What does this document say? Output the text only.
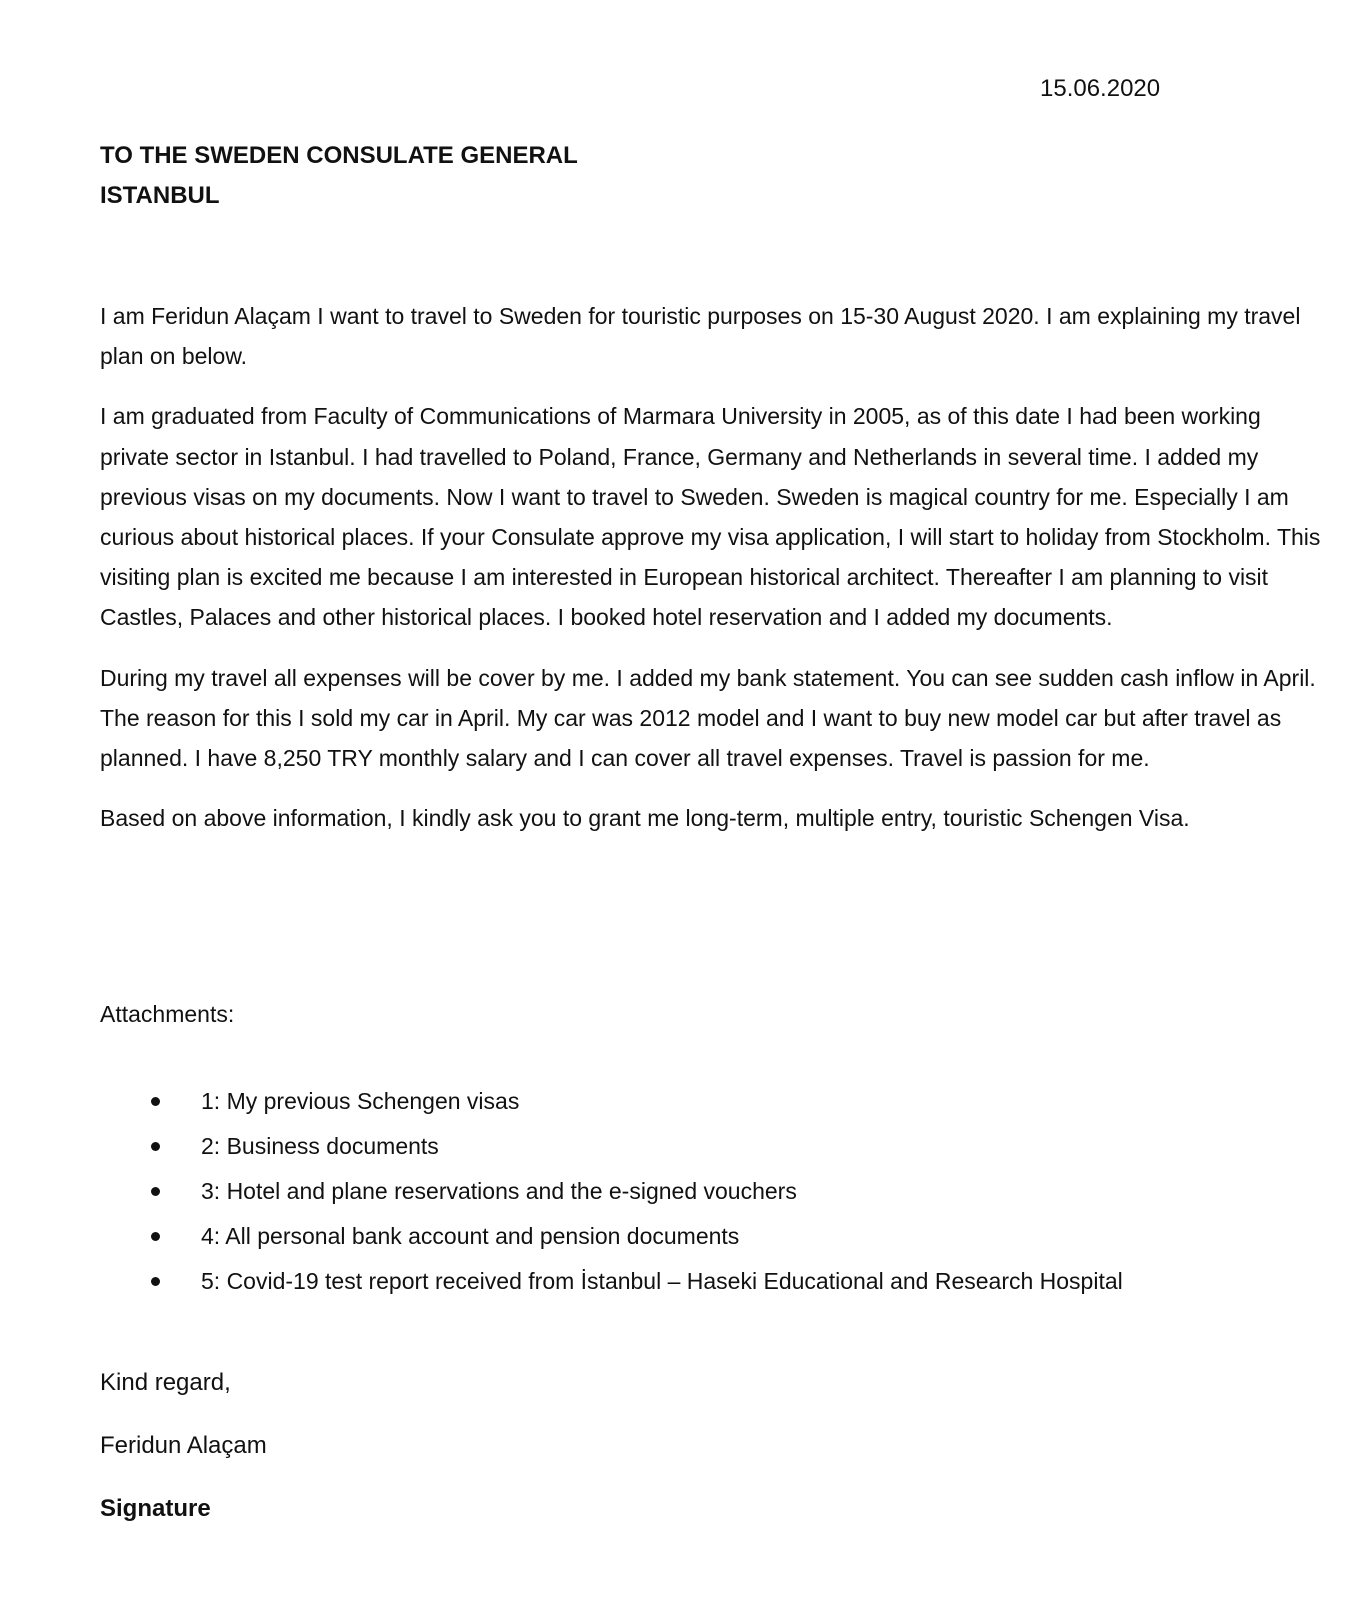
15.06.2020
TO THE SWEDEN CONSULATE GENERAL
ISTANBUL

I am Feridun Alaçam I want to travel to Sweden for touristic purposes on 15-30 August 2020. I am explaining my travel plan on below.

I am graduated from Faculty of Communications of Marmara University in 2005, as of this date I had been working private sector in Istanbul. I had travelled to Poland, France, Germany and Netherlands in several time. I added my previous visas on my documents. Now I want to travel to Sweden. Sweden is magical country for me. Especially I am curious about historical places. If your Consulate approve my visa application, I will start to holiday from Stockholm. This visiting plan is excited me because I am interested in European historical architect. Thereafter I am planning to visit Castles, Palaces and other historical places. I booked hotel reservation and I added my documents.

During my travel all expenses will be cover by me. I added my bank statement. You can see sudden cash inflow in April. The reason for this I sold my car in April. My car was 2012 model and I want to buy new model car but after travel as planned. I have 8,250 TRY monthly salary and I can cover all travel expenses. Travel is passion for me.

Based on above information, I kindly ask you to grant me long-term, multiple entry, touristic Schengen Visa.

Attachments:
1: My previous Schengen visas
2: Business documents
3: Hotel and plane reservations and the e-signed vouchers
4: All personal bank account and pension documents
5: Covid-19 test report received from İstanbul – Haseki Educational and Research Hospital
Kind regard,
Feridun Alaçam
Signature
